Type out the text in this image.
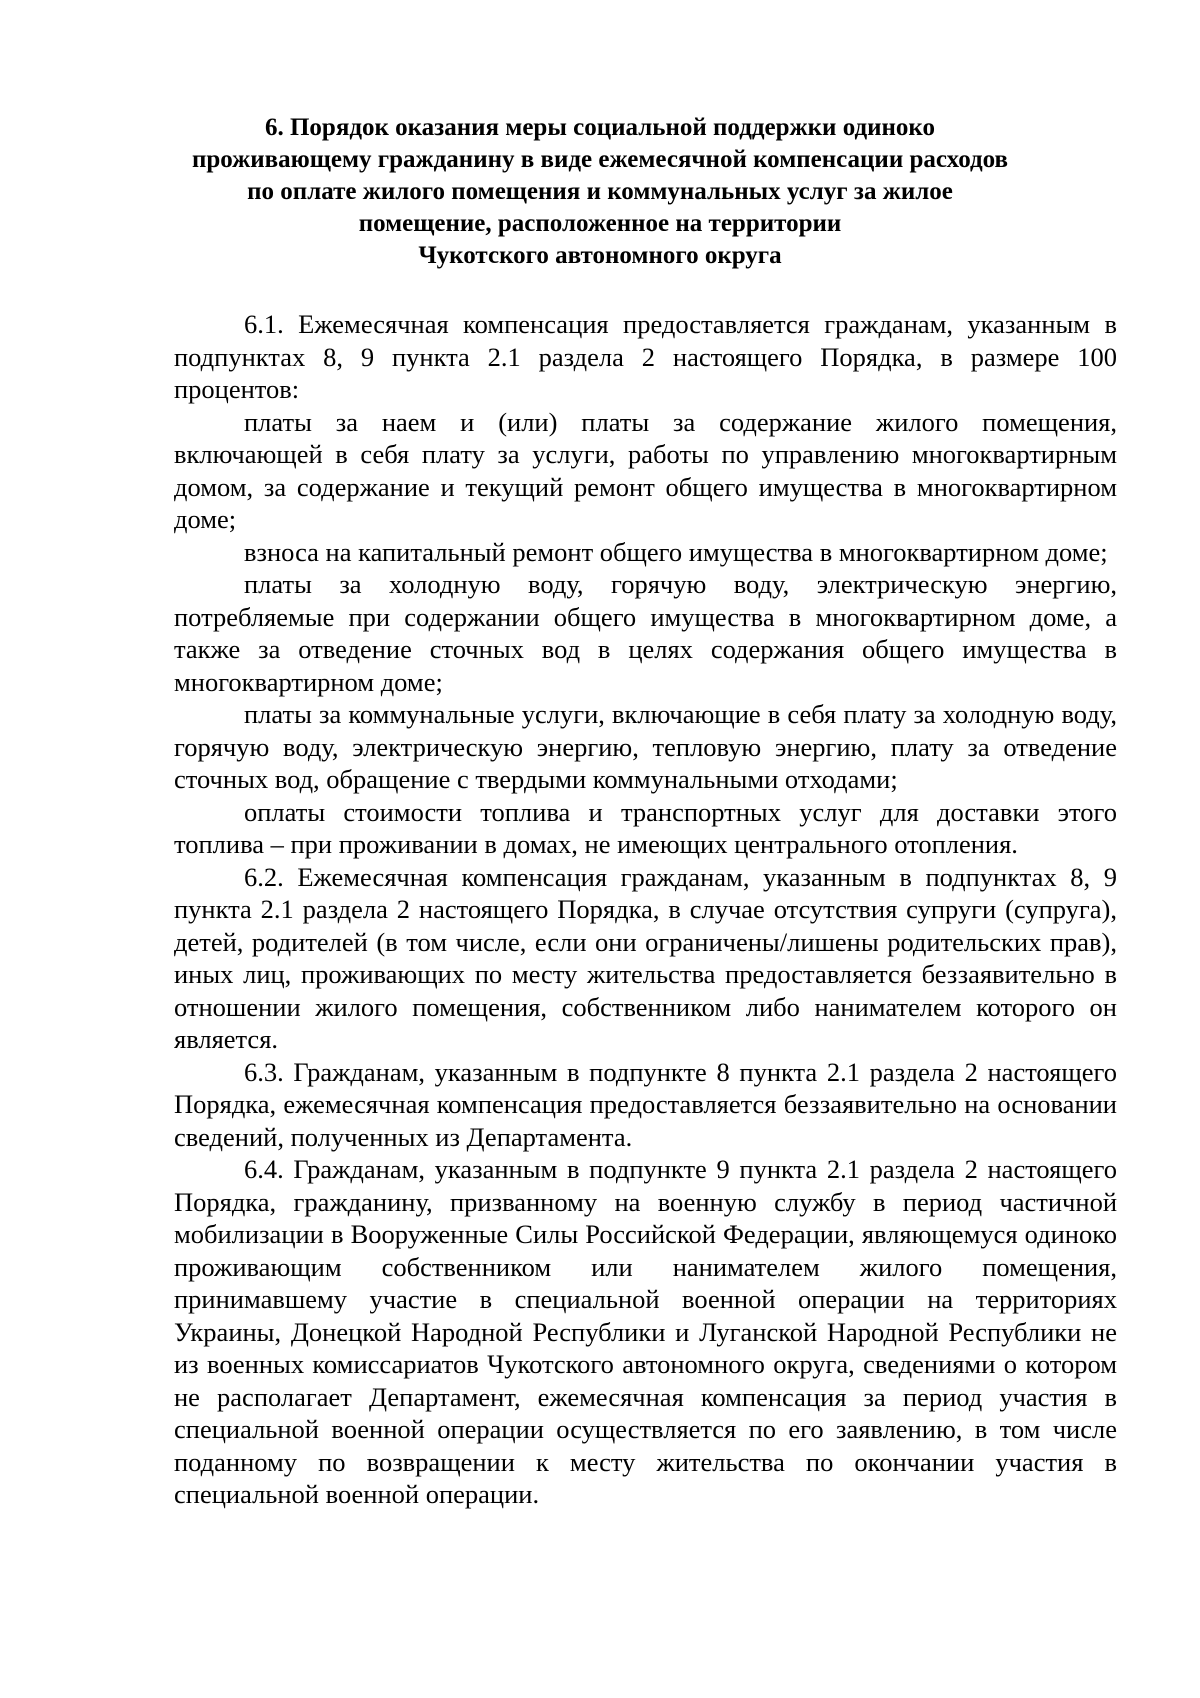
6. Порядок оказания меры социальной поддержки одиноко
проживающему гражданину в виде ежемесячной компенсации расходов
по оплате жилого помещения и коммунальных услуг за жилое
помещение, расположенное на территории
Чукотского автономного округа

6.1. Ежемесячная компенсация предоставляется гражданам, указанным в подпунктах 8, 9 пункта 2.1 раздела 2 настоящего Порядка, в размере 100 процентов:

платы за наем и (или) платы за содержание жилого помещения, включающей в себя плату за услуги, работы по управлению многоквартирным домом, за содержание и текущий ремонт общего имущества в многоквартирном доме;

взноса на капитальный ремонт общего имущества в многоквартирном доме;

платы за холодную воду, горячую воду, электрическую энергию, потребляемые при содержании общего имущества в многоквартирном доме, а также за отведение сточных вод в целях содержания общего имущества в многоквартирном доме;

платы за коммунальные услуги, включающие в себя плату за холодную воду, горячую воду, электрическую энергию, тепловую энергию, плату за отведение сточных вод, обращение с твердыми коммунальными отходами;

оплаты стоимости топлива и транспортных услуг для доставки этого топлива – при проживании в домах, не имеющих центрального отопления.

6.2. Ежемесячная компенсация гражданам, указанным в подпунктах 8, 9 пункта 2.1 раздела 2 настоящего Порядка, в случае отсутствия супруги (супруга), детей, родителей (в том числе, если они ограничены/лишены родительских прав), иных лиц, проживающих по месту жительства предоставляется беззаявительно в отношении жилого помещения, собственником либо нанимателем которого он является.

6.3. Гражданам, указанным в подпункте 8 пункта 2.1 раздела 2 настоящего Порядка, ежемесячная компенсация предоставляется беззаявительно на основании сведений, полученных из Департамента.

6.4. Гражданам, указанным в подпункте 9 пункта 2.1 раздела 2 настоящего Порядка, гражданину, призванному на военную службу в период частичной мобилизации в Вооруженные Силы Российской Федерации, являющемуся одиноко проживающим собственником или нанимателем жилого помещения, принимавшему участие в специальной военной операции на территориях Украины, Донецкой Народной Республики и Луганской Народной Республики не из военных комиссариатов Чукотского автономного округа, сведениями о котором не располагает Департамент, ежемесячная компенсация за период участия в специальной военной операции осуществляется по его заявлению, в том числе поданному по возвращении к месту жительства по окончании участия в специальной военной операции.
